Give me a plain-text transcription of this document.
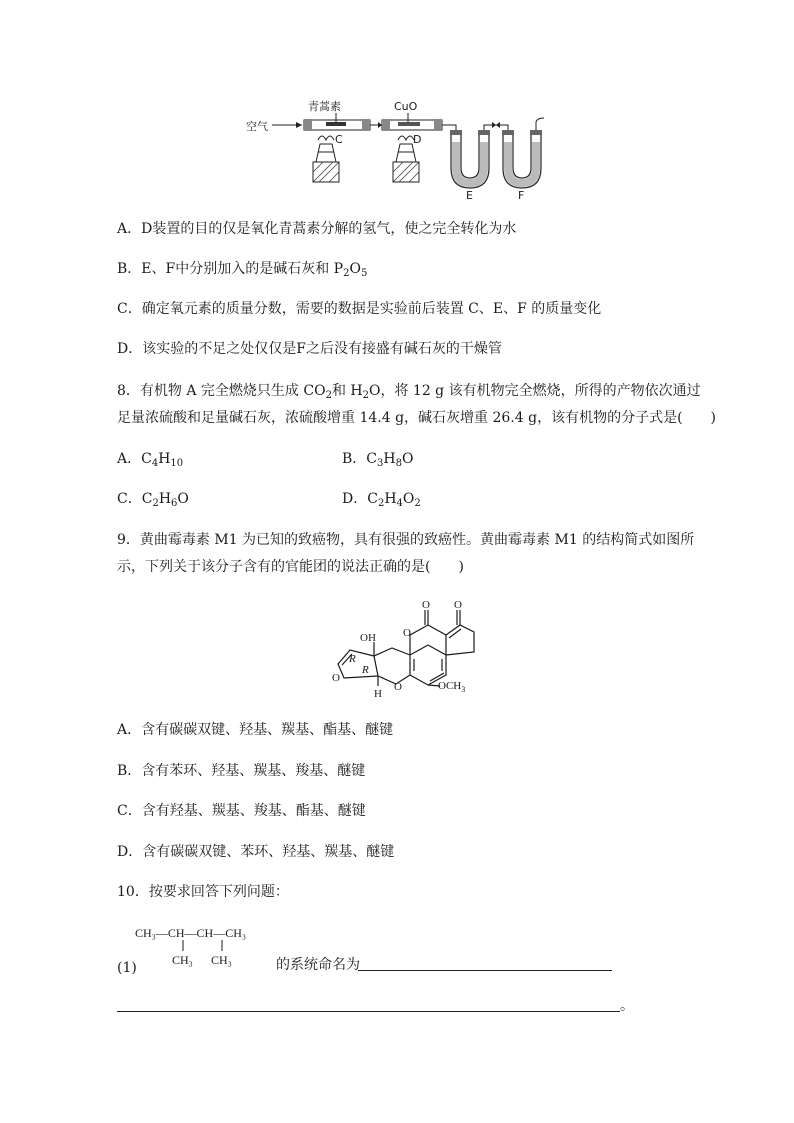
空气
青蒿素
C
CuO
D
E	F
A．D装置的目的仅是氧化青蒿素分解的氢气，使之完全转化为水
B．E、F中分别加入的是碱石灰和 $P_2O_5$
C．确定氧元素的质量分数，需要的数据是实验前后装置 C、E、F 的质量变化
D．该实验的不足之处仅仅是F之后没有接盛有碱石灰的干燥管
8．有机物 A 完全燃烧只生成 $CO_2$和 $H_2O$，将 12 g 该有机物完全燃烧，所得的产物依次通过
足量浓硫酸和足量碱石灰，浓硫酸增重 14.4 g，碱石灰增重 26.4 g，该有机物的分子式是(　　)
A．$C_4H_{10}$	B．$C_3H_8O$
C．$C_2H_6O$	D．$C_2H_4O_2$
9．黄曲霉毒素 M1 为已知的致癌物，具有很强的致癌性。黄曲霉毒素 M1 的结构简式如图所
示，下列关于该分子含有的官能团的说法正确的是(　　)
OH
R
R
O
O
O
O O
H
$OCH_3$
A．含有碳碳双键、羟基、羰基、酯基、醚键
B．含有苯环、羟基、羰基、羧基、醚键
C．含有羟基、羰基、羧基、酯基、醚键
D．含有碳碳双键、苯环、羟基、羰基、醚键
10．按要求回答下列问题：
CH₃—CH—CH—CH₃
CH₃ CH₃
(1)	的系统命名为
。
